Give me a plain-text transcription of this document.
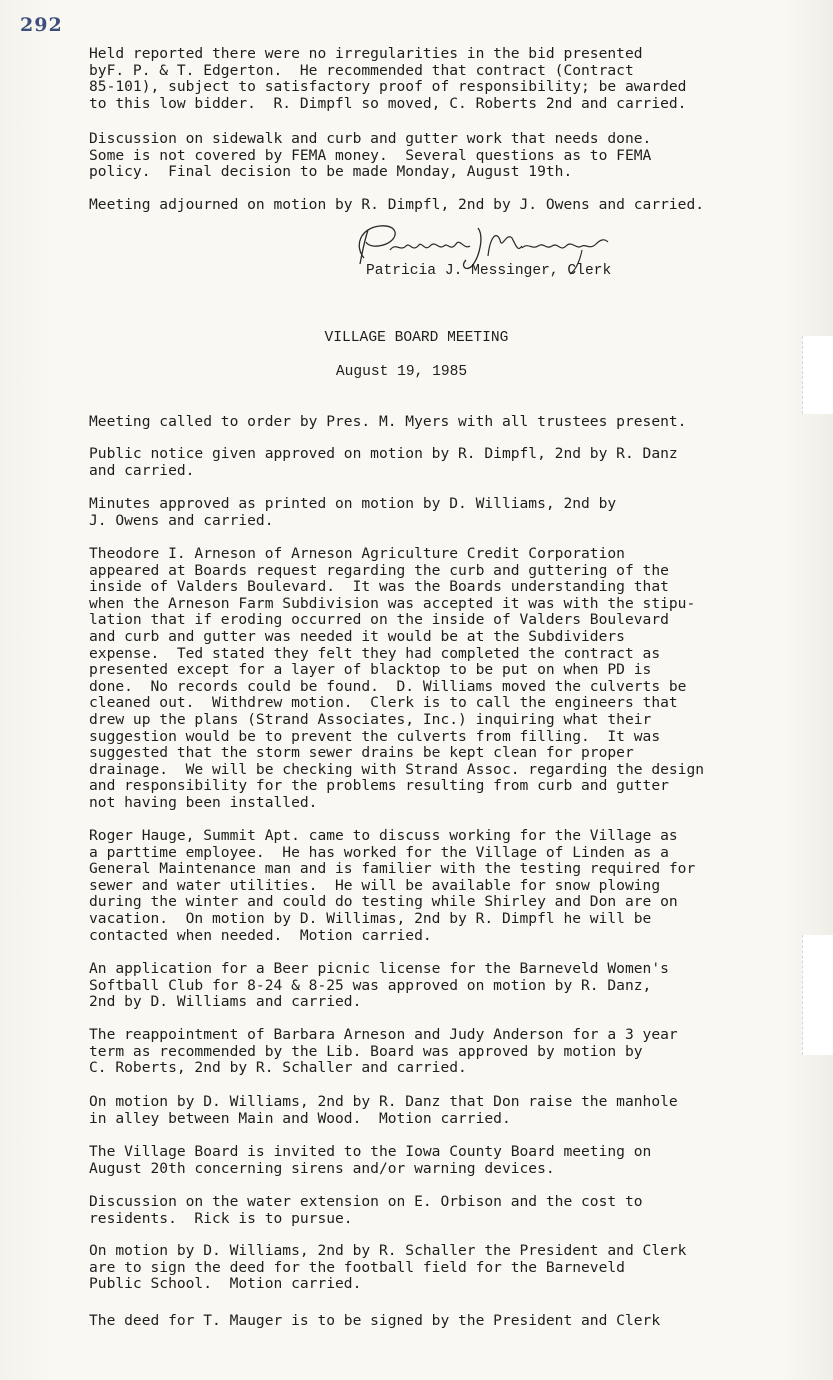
292
Held reported there were no irregularities in the bid presented
byF. P. & T. Edgerton.  He recommended that contract (Contract
85-101), subject to satisfactory proof of responsibility; be awarded
to this low bidder.  R. Dimpfl so moved, C. Roberts 2nd and carried.
Discussion on sidewalk and curb and gutter work that needs done.
Some is not covered by FEMA money.  Several questions as to FEMA
policy.  Final decision to be made Monday, August 19th.
Meeting adjourned on motion by R. Dimpfl, 2nd by J. Owens and carried.
Patricia J. Messinger, Clerk
VILLAGE BOARD MEETING
August 19, 1985
Meeting called to order by Pres. M. Myers with all trustees present.
Public notice given approved on motion by R. Dimpfl, 2nd by R. Danz
and carried.
Minutes approved as printed on motion by D. Williams, 2nd by
J. Owens and carried.
Theodore I. Arneson of Arneson Agriculture Credit Corporation
appeared at Boards request regarding the curb and guttering of the
inside of Valders Boulevard.  It was the Boards understanding that
when the Arneson Farm Subdivision was accepted it was with the stipu-
lation that if eroding occurred on the inside of Valders Boulevard
and curb and gutter was needed it would be at the Subdividers
expense.  Ted stated they felt they had completed the contract as
presented except for a layer of blacktop to be put on when PD is
done.  No records could be found.  D. Williams moved the culverts be
cleaned out.  Withdrew motion.  Clerk is to call the engineers that
drew up the plans (Strand Associates, Inc.) inquiring what their
suggestion would be to prevent the culverts from filling.  It was
suggested that the storm sewer drains be kept clean for proper
drainage.  We will be checking with Strand Assoc. regarding the design
and responsibility for the problems resulting from curb and gutter
not having been installed.
Roger Hauge, Summit Apt. came to discuss working for the Village as
a parttime employee.  He has worked for the Village of Linden as a
General Maintenance man and is familier with the testing required for
sewer and water utilities.  He will be available for snow plowing
during the winter and could do testing while Shirley and Don are on
vacation.  On motion by D. Willimas, 2nd by R. Dimpfl he will be
contacted when needed.  Motion carried.
An application for a Beer picnic license for the Barneveld Women's
Softball Club for 8-24 & 8-25 was approved on motion by R. Danz,
2nd by D. Williams and carried.
The reappointment of Barbara Arneson and Judy Anderson for a 3 year
term as recommended by the Lib. Board was approved by motion by
C. Roberts, 2nd by R. Schaller and carried.
On motion by D. Williams, 2nd by R. Danz that Don raise the manhole
in alley between Main and Wood.  Motion carried.
The Village Board is invited to the Iowa County Board meeting on
August 20th concerning sirens and/or warning devices.
Discussion on the water extension on E. Orbison and the cost to
residents.  Rick is to pursue.
On motion by D. Williams, 2nd by R. Schaller the President and Clerk
are to sign the deed for the football field for the Barneveld
Public School.  Motion carried.
The deed for T. Mauger is to be signed by the President and Clerk
